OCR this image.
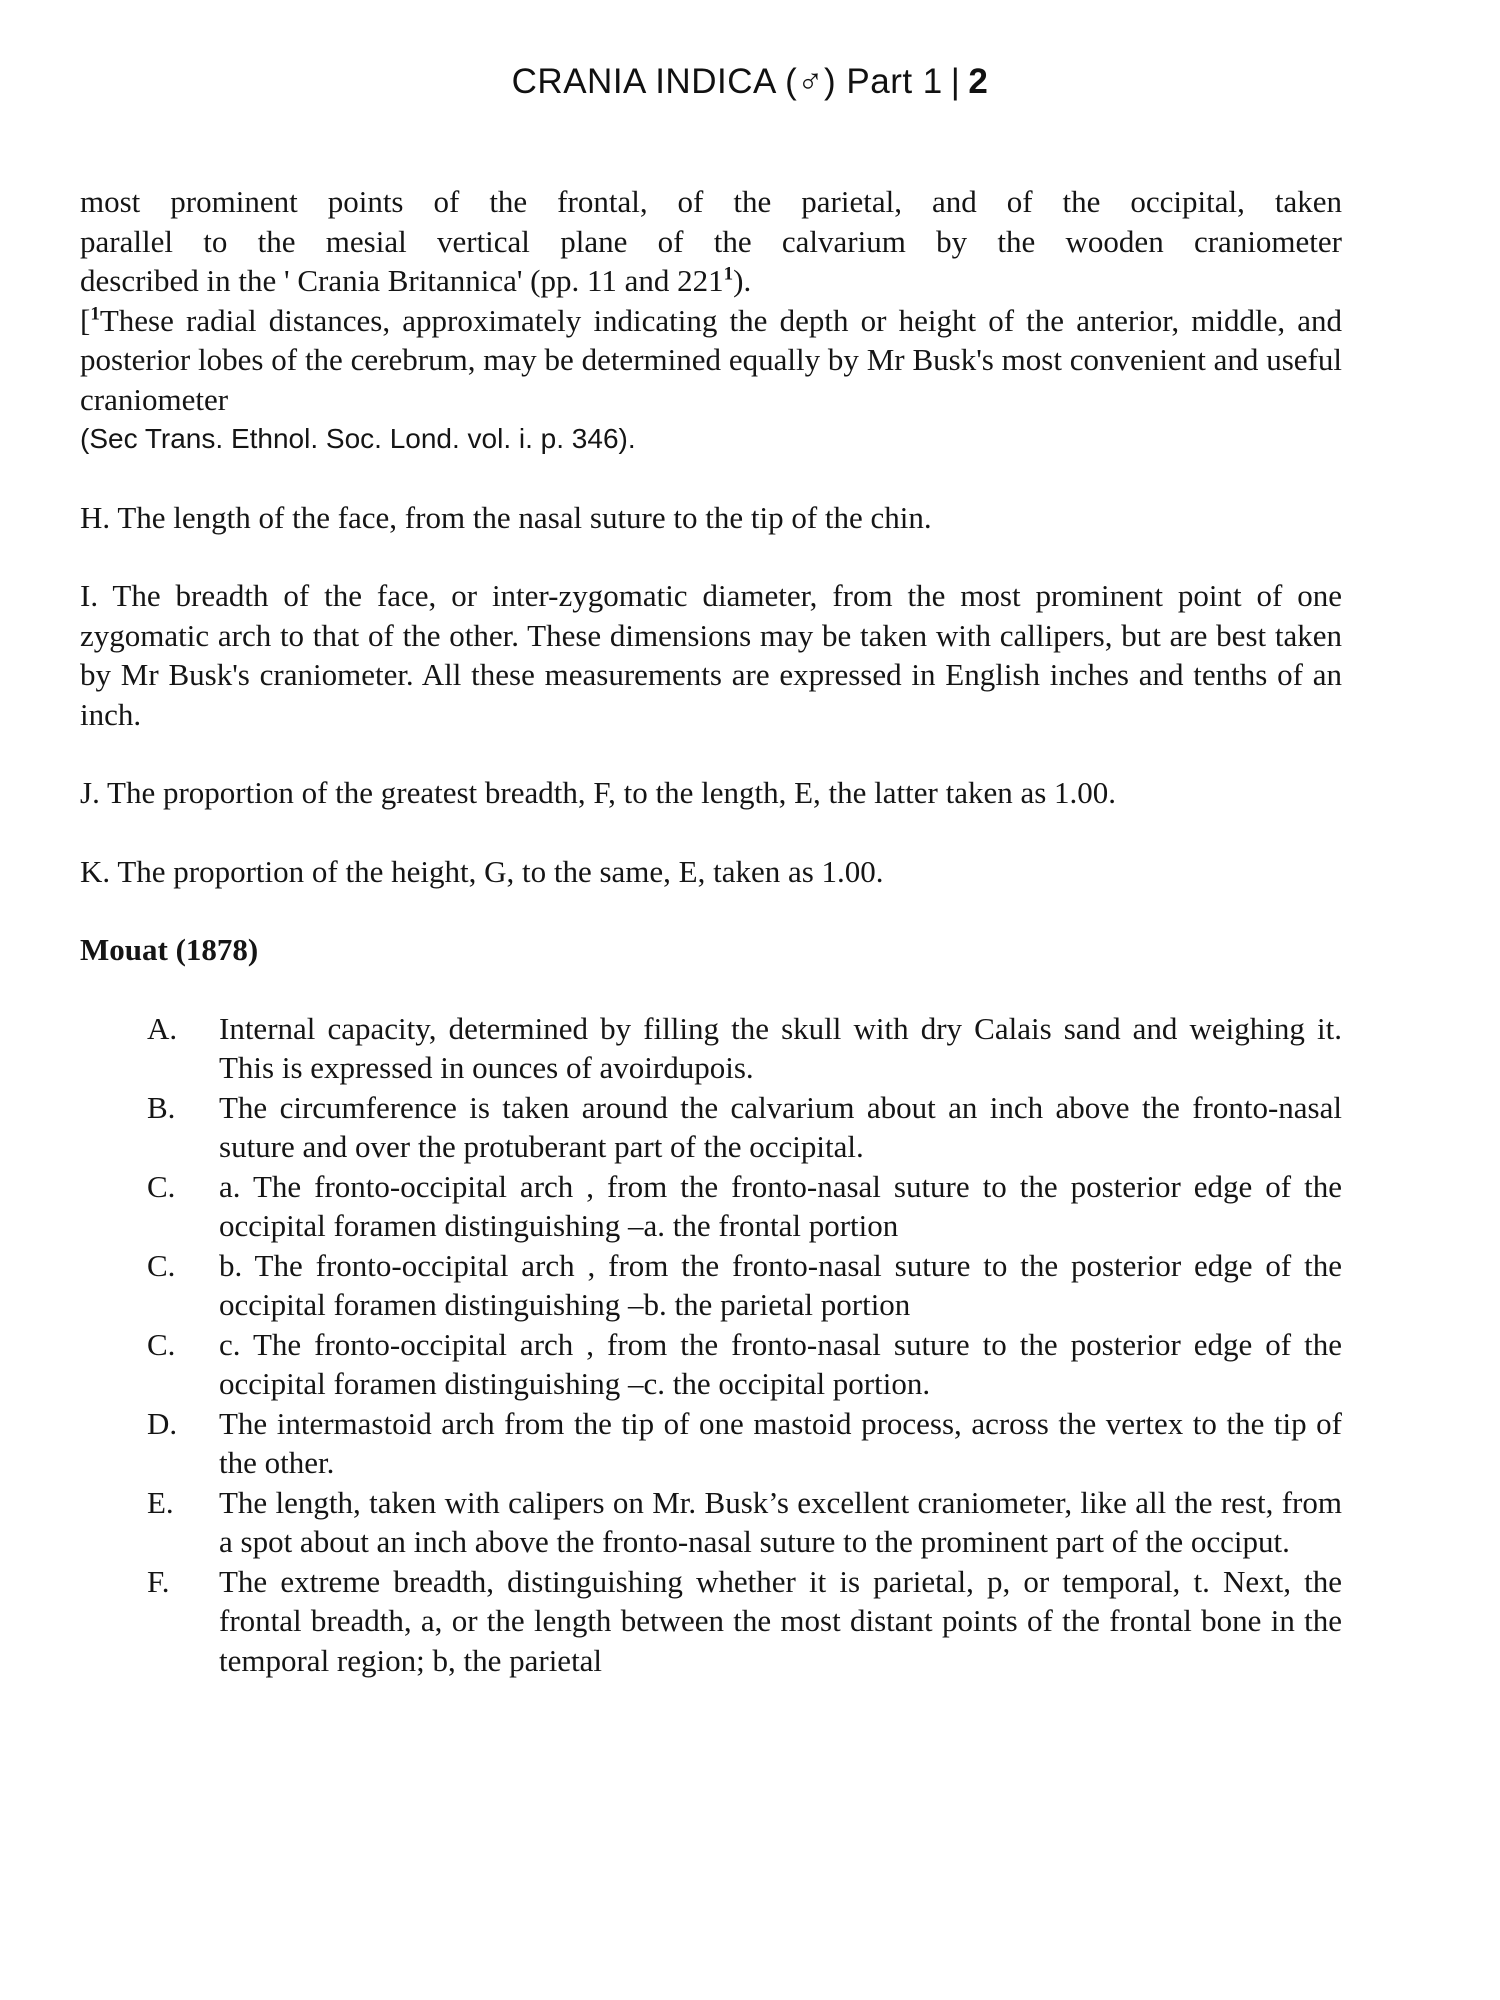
CRANIA INDICA (♂) Part 1 | 2
most prominent points of the frontal, of the parietal, and of the occipital, taken
parallel to the mesial vertical plane of the calvarium by the wooden craniometer
described in the ' Crania Britannica' (pp. 11 and $221^1$).
[$^1$These radial distances, approximately indicating the depth or height of the anterior, middle, and posterior lobes of the cerebrum, may be determined equally by Mr Busk's most convenient and useful craniometer
(Sec Trans. Ethnol. Soc. Lond. vol. i. p. 346).
H. The length of the face, from the nasal suture to the tip of the chin.
I. The breadth of the face, or inter-zygomatic diameter, from the most prominent point of one zygomatic arch to that of the other. These dimensions may be taken with callipers, but are best taken by Mr Busk's craniometer. All these measurements are expressed in English inches and tenths of an inch.
J. The proportion of the greatest breadth, F, to the length, E, the latter taken as 1.00.
K. The proportion of the height, G, to the same, E, taken as 1.00.
Mouat (1878)
A. Internal capacity, determined by filling the skull with dry Calais sand and weighing it. This is expressed in ounces of avoirdupois.
B. The circumference is taken around the calvarium about an inch above the fronto-nasal suture and over the protuberant part of the occipital.
C. a. The fronto-occipital arch , from the fronto-nasal suture to the posterior edge of the occipital foramen distinguishing –a. the frontal portion
C. b. The fronto-occipital arch , from the fronto-nasal suture to the posterior edge of the occipital foramen distinguishing –b. the parietal portion
C. c. The fronto-occipital arch , from the fronto-nasal suture to the posterior edge of the occipital foramen distinguishing –c. the occipital portion.
D. The intermastoid arch from the tip of one mastoid process, across the vertex to the tip of the other.
E. The length, taken with calipers on Mr. Busk’s excellent craniometer, like all the rest, from a spot about an inch above the fronto-nasal suture to the prominent part of the occiput.
F. The extreme breadth, distinguishing whether it is parietal, p, or temporal, t. Next, the frontal breadth, a, or the length between the most distant points of the frontal bone in the temporal region; b, the parietal
